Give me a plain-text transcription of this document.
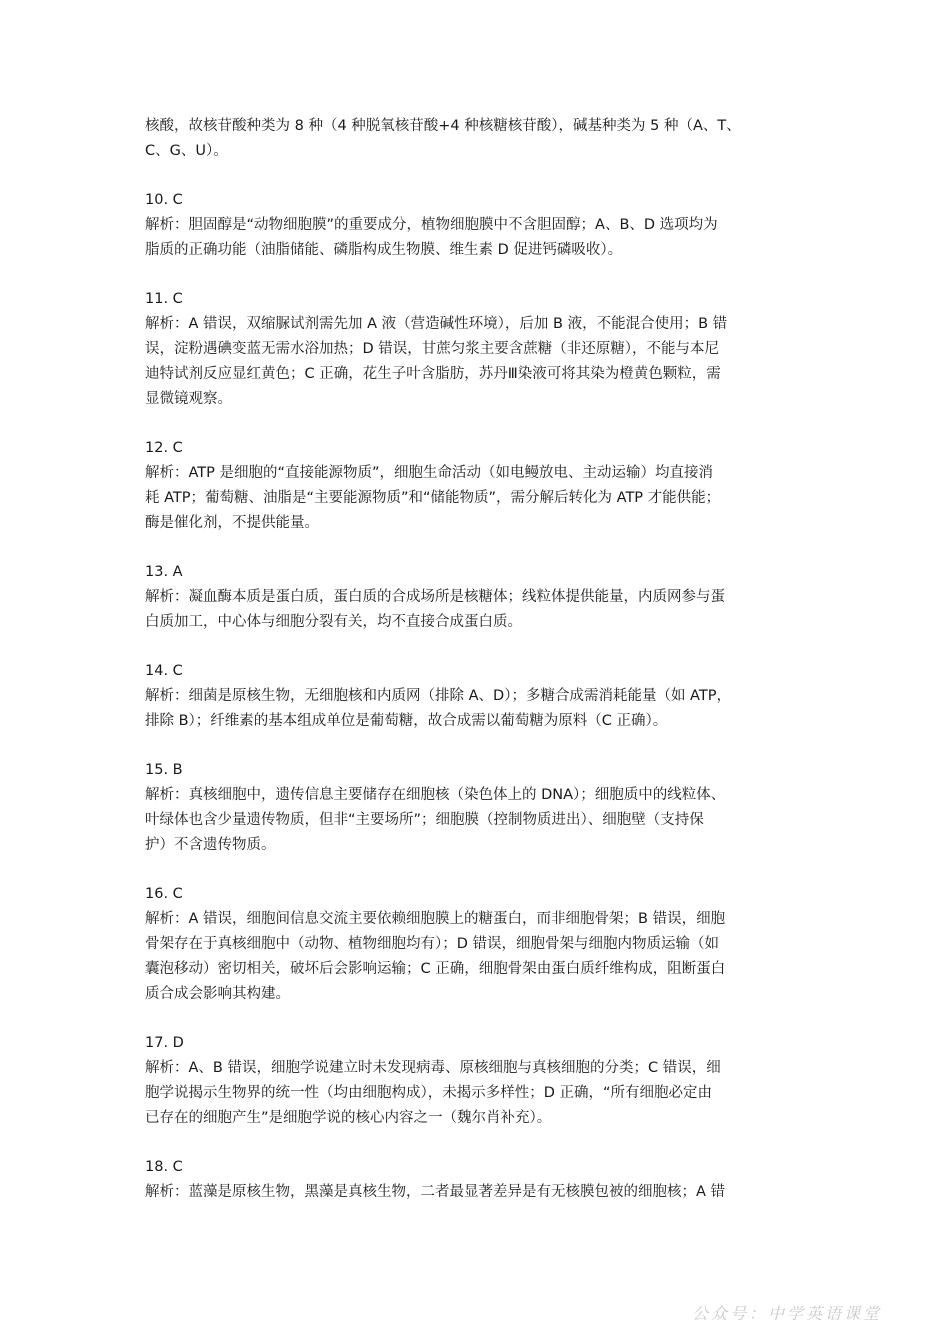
核酸，故核苷酸种类为 8 种（4 种脱氧核苷酸+4 种核糖核苷酸），碱基种类为 5 种（A、T、

C、G、U）。

10. C

解析：胆固醇是“动物细胞膜”的重要成分，植物细胞膜中不含胆固醇；A、B、D 选项均为

脂质的正确功能（油脂储能、磷脂构成生物膜、维生素 D 促进钙磷吸收）。

11. C

解析：A 错误，双缩脲试剂需先加 A 液（营造碱性环境），后加 B 液，不能混合使用；B 错

误，淀粉遇碘变蓝无需水浴加热；D 错误，甘蔗匀浆主要含蔗糖（非还原糖），不能与本尼

迪特试剂反应显红黄色；C 正确，花生子叶含脂肪，苏丹Ⅲ染液可将其染为橙黄色颗粒，需

显微镜观察。

12. C

解析：ATP 是细胞的“直接能源物质”，细胞生命活动（如电鳗放电、主动运输）均直接消

耗 ATP；葡萄糖、油脂是“主要能源物质”和“储能物质”，需分解后转化为 ATP 才能供能；

酶是催化剂，不提供能量。

13. A

解析：凝血酶本质是蛋白质，蛋白质的合成场所是核糖体；线粒体提供能量，内质网参与蛋

白质加工，中心体与细胞分裂有关，均不直接合成蛋白质。

14. C

解析：细菌是原核生物，无细胞核和内质网（排除 A、D）；多糖合成需消耗能量（如 ATP，

排除 B）；纤维素的基本组成单位是葡萄糖，故合成需以葡萄糖为原料（C 正确）。

15. B

解析：真核细胞中，遗传信息主要储存在细胞核（染色体上的 DNA）；细胞质中的线粒体、

叶绿体也含少量遗传物质，但非“主要场所”；细胞膜（控制物质进出）、细胞壁（支持保

护）不含遗传物质。

16. C

解析：A 错误，细胞间信息交流主要依赖细胞膜上的糖蛋白，而非细胞骨架；B 错误，细胞

骨架存在于真核细胞中（动物、植物细胞均有）；D 错误，细胞骨架与细胞内物质运输（如

囊泡移动）密切相关，破坏后会影响运输；C 正确，细胞骨架由蛋白质纤维构成，阻断蛋白

质合成会影响其构建。

17. D

解析：A、B 错误，细胞学说建立时未发现病毒、原核细胞与真核细胞的分类；C 错误，细

胞学说揭示生物界的统一性（均由细胞构成），未揭示多样性；D 正确，“所有细胞必定由

已存在的细胞产生”是细胞学说的核心内容之一（魏尔肖补充）。

18. C

解析：蓝藻是原核生物，黑藻是真核生物，二者最显著差异是有无核膜包被的细胞核；A 错

公众号：中学英语课堂
